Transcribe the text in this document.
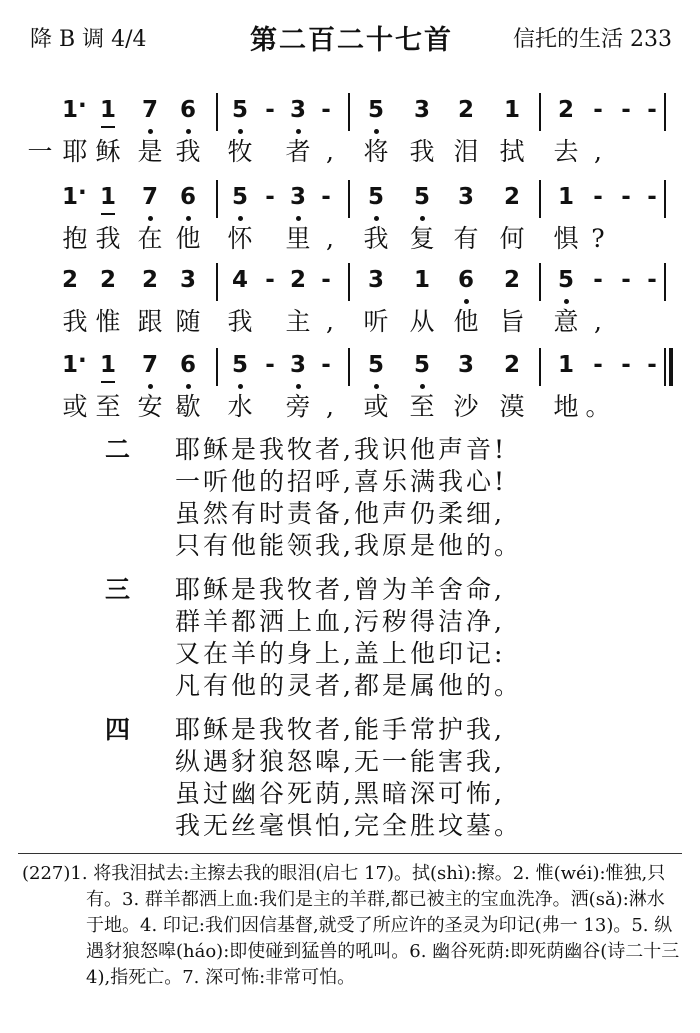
降 B 调 4/4	第二百二十七首	信托的生活 233
1 · 1 7 6 5 - 3 -	5 3 2 1 2 - - -
一 耶 稣 是 我 牧 者 ,	将 我 泪 拭 去 ,
1 · 1 7 6 5 - 3 -	5 5 3 2 1 - - -
抱 我 在 他 怀 里 ,	我 复 有 何 惧 ?
2 2 2 3 4 - 2 -	3 1 6 2 5 - - -
我 惟 跟 随 我 主 ,	听 从 他 旨 意 ,
1 · 1 7 6 5 - 3 -	5 5 3 2 1 - - -
或 至 安 歇 水 旁 ,	或 至 沙 漠 地 。
二 耶稣是我牧者,我识他声音!
一听他的招呼,喜乐满我心!
虽然有时责备,他声仍柔细,
只有他能领我,我原是他的。
三 耶稣是我牧者,曾为羊舍命,
群羊都洒上血,污秽得洁净,
又在羊的身上,盖上他印记:
凡有他的灵者,都是属他的。
四 耶稣是我牧者,能手常护我,
纵遇豺狼怒嗥,无一能害我,
虽过幽谷死荫,黑暗深可怖,
我无丝毫惧怕,完全胜坟墓。

(227)1. 将我泪拭去:主擦去我的眼泪(启七 17)。拭(shì):擦。2. 惟(wéi):惟独,只有。3. 群羊都洒上血:我们是主的羊群,都已被主的宝血洗净。洒(sǎ):淋水于地。4. 印记:我们因信基督,就受了所应许的圣灵为印记(弗一 13)。5. 纵遇豺狼怒嗥(háo):即使碰到猛兽的吼叫。6. 幽谷死荫:即死荫幽谷(诗二十三 4),指死亡。7. 深可怖:非常可怕。
